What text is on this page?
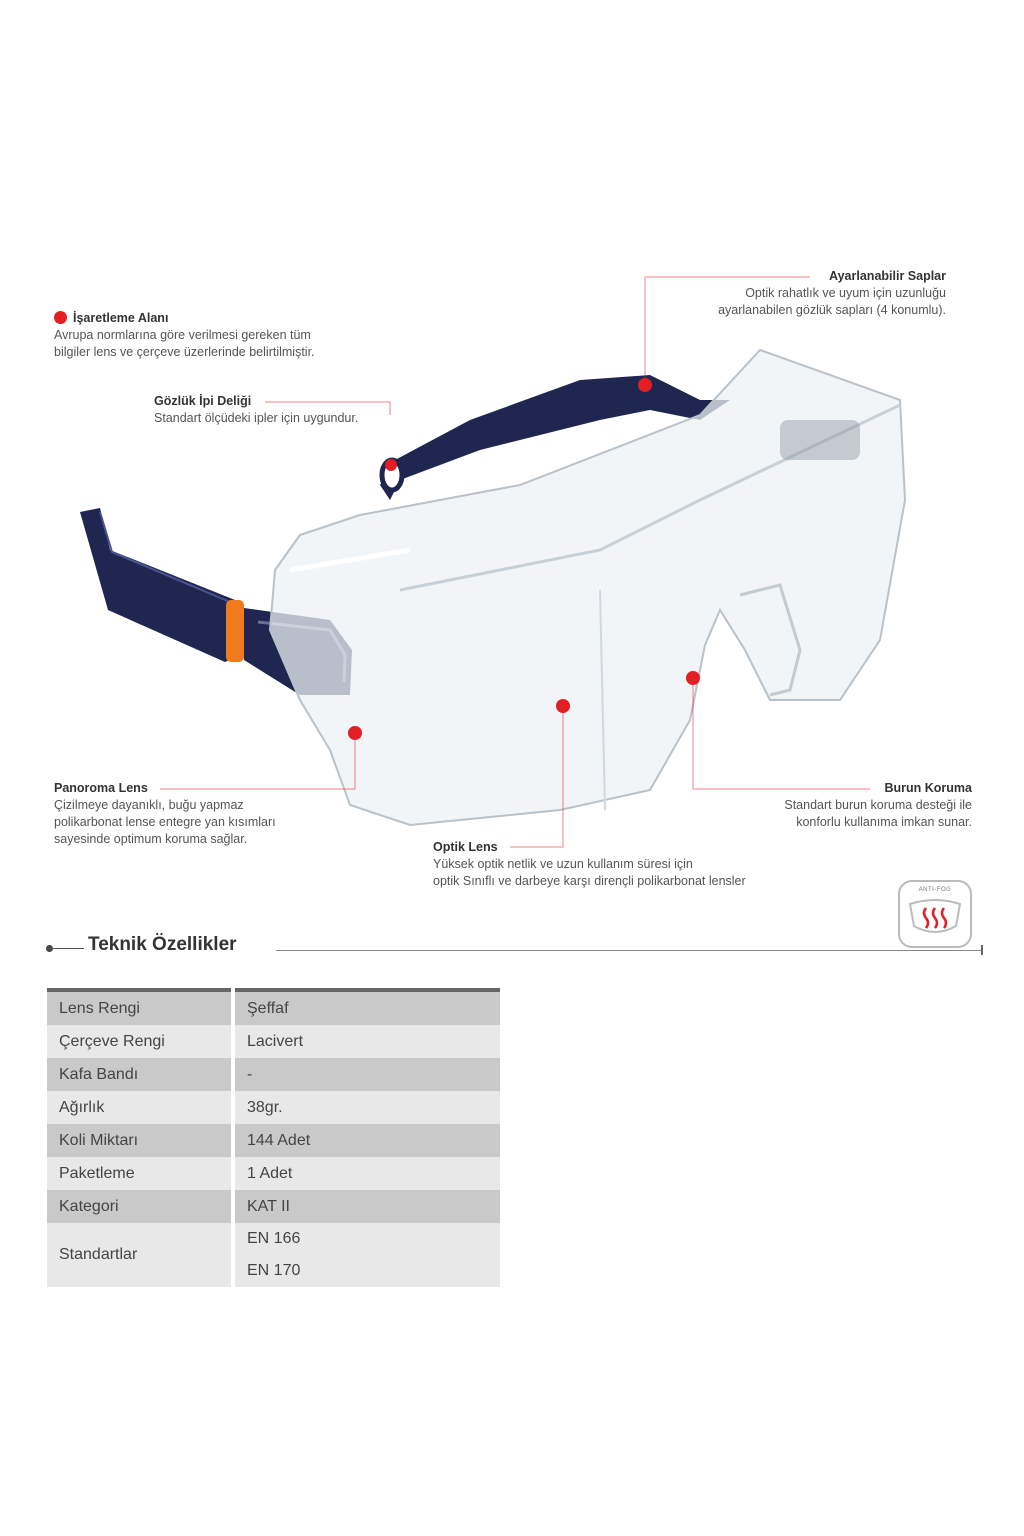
İşaretleme Alanı
Avrupa normlarına göre verilmesi gereken tüm
bilgiler lens ve çerçeve üzerlerinde belirtilmiştir.
Gözlük İpi Deliği
Standart ölçüdeki ipler için uygundur.
Ayarlanabilir Saplar
Optik rahatlık ve uyum için uzunluğu
ayarlanabilen gözlük sapları (4 konumlu).
Panoroma Lens
Çizilmeye dayanıklı, buğu yapmaz
polikarbonat lense entegre yan kısımları
sayesinde optimum koruma sağlar.
Optik Lens
Yüksek optik netlik ve uzun kullanım süresi için
optik Sınıflı ve darbeye karşı dirençli polikarbonat lensler
Burun Koruma
Standart burun koruma desteği ile
konforlu kullanıma imkan sunar.
ANTI-FOG
Teknik Özellikler
Lens Rengi	Şeffaf
Çerçeve Rengi	Lacivert
Kafa Bandı	-
Ağırlık	38gr.
Koli Miktarı	144 Adet
Paketleme	1 Adet
Kategori	KAT II
Standartlar	EN 166
EN 170
